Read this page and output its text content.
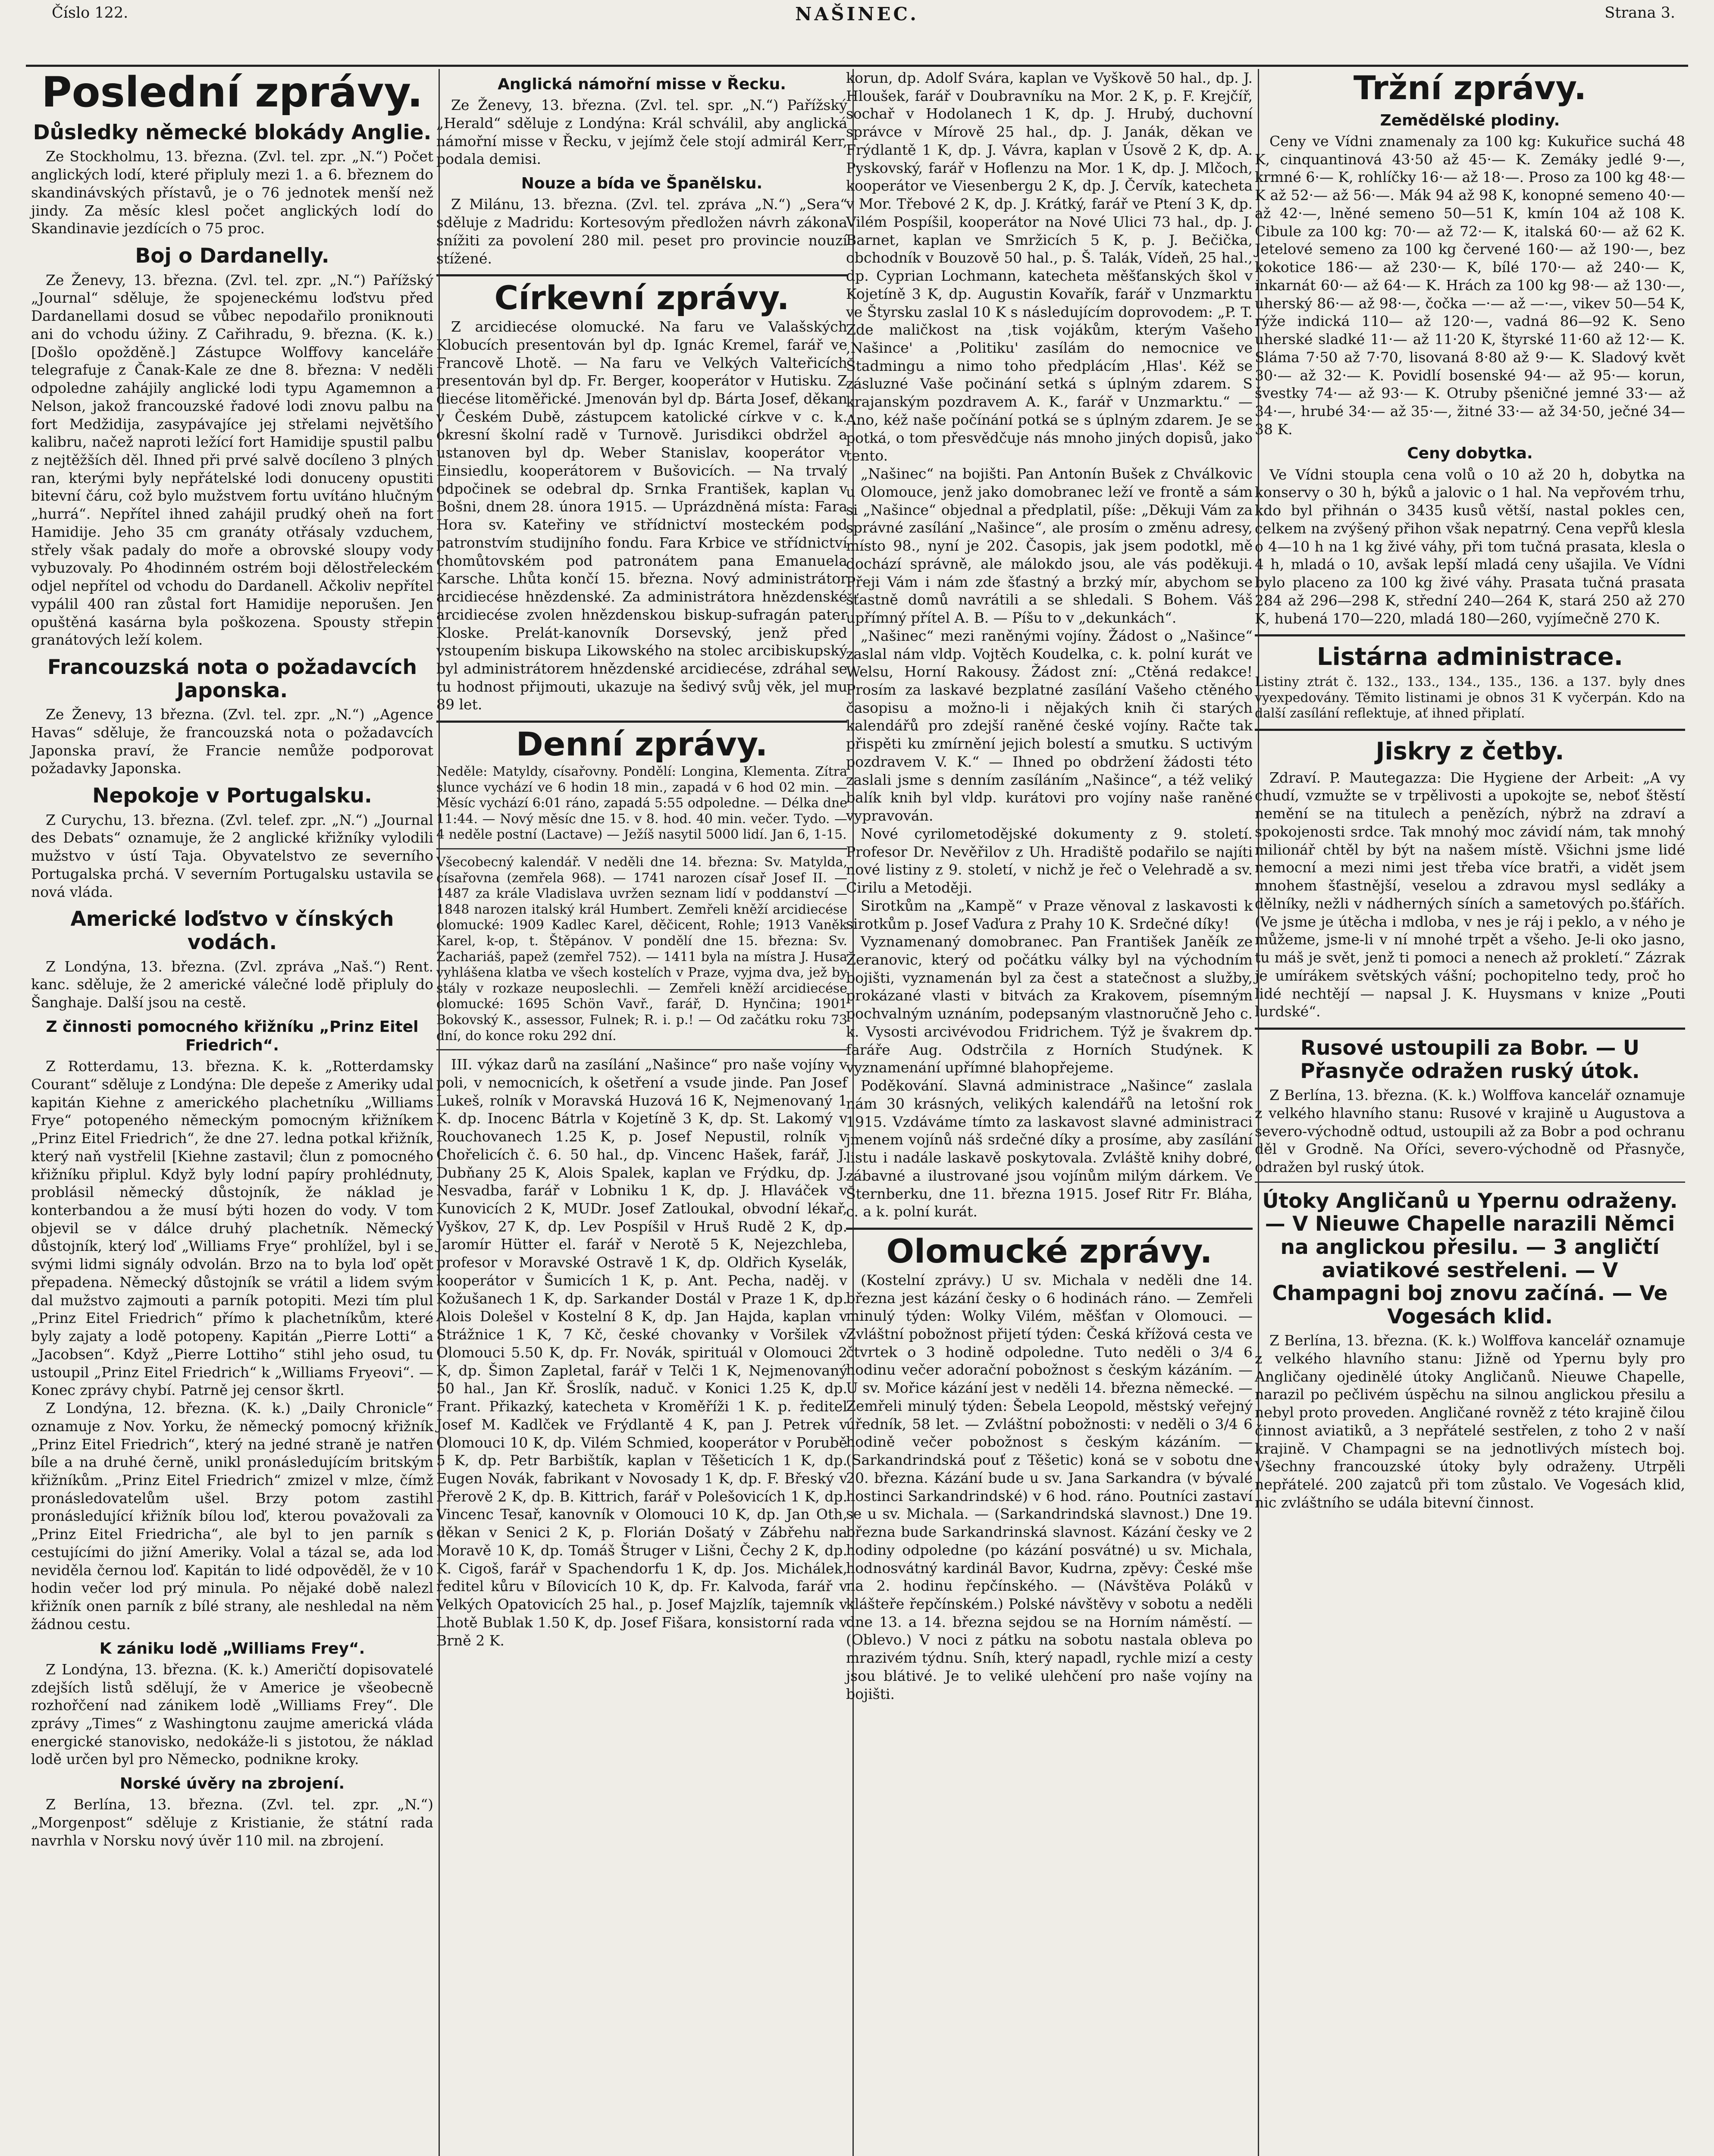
Číslo 122.	NAŠINEC.	Strana 3.
Poslední zprávy.
Důsledky německé blokády Anglie.

Ze Stockholmu, 13. března. (Zvl. tel. zpr. „N.“) Počet anglických lodí, které připluly mezi 1. a 6. březnem do skandinávských přístavů, je o 76 jednotek menší než jindy. Za měsíc klesl počet anglických lodí do Skandinavie jezdících o 75 proc.

Boj o Dardanelly.

Ze Ženevy, 13. března. (Zvl. tel. zpr. „N.“) Pařížský „Journal“ sděluje, že spojeneckému loďstvu před Dardanellami dosud se vůbec nepodařilo proniknouti ani do vchodu úžiny. Z Cařihradu, 9. března. (K. k.) [Došlo opožděně.] Zástupce Wolffovy kanceláře telegrafuje z Čanak-Kale ze dne 8. března: V neděli odpoledne zahájily anglické lodi typu Agamemnon a Nelson, jakož francouzské řadové lodi znovu palbu na fort Medžidija, zasypávajíce jej střelami největšího kalibru, načež naproti ležící fort Hamidije spustil palbu z nejtěžších děl. Ihned při prvé salvě docíleno 3 plných ran, kterými byly nepřátelské lodi donuceny opustiti bitevní čáru, což bylo mužstvem fortu uvítáno hlučným „hurrá“. Nepřítel ihned zahájil prudký oheň na fort Hamidije. Jeho 35 cm granáty otřásaly vzduchem, střely však padaly do moře a obrovské sloupy vody vybuzovaly. Po 4hodinném ostrém boji dělostřeleckém odjel nepřítel od vchodu do Dardanell. Ačkoliv nepřítel vypálil 400 ran zůstal fort Hamidije neporušen. Jen opuštěná kasárna byla poškozena. Spousty střepin granátových leží kolem.

Francouzská nota o požadavcích Japonska.

Ze Ženevy, 13 března. (Zvl. tel. zpr. „N.“) „Agence Havas“ sděluje, že francouzská nota o požadavcích Japonska praví, že Francie nemůže podporovat požadavky Japonska.

Nepokoje v Portugalsku.

Z Curychu, 13. března. (Zvl. telef. zpr. „N.“) „Journal des Debats“ oznamuje, že 2 anglické křižníky vylodili mužstvo v ústí Taja. Obyvatelstvo ze severního Portugalska prchá. V severním Portugalsku ustavila se nová vláda.

Americké loďstvo v čínských vodách.

Z Londýna, 13. března. (Zvl. zpráva „Naš.“) Rent. kanc. sděluje, že 2 americké válečné lodě připluly do Šanghaje. Další jsou na cestě.

Z činnosti pomocného křižníku „Prinz Eitel Friedrich“.

Z Rotterdamu, 13. března. K. k. „Rotterdamsky Courant“ sděluje z Londýna: Dle depeše z Ameriky udal kapitán Kiehne z amerického plachetníku „Williams Frye“ potopeného německým pomocným křižníkem „Prinz Eitel Friedrich“, že dne 27. ledna potkal křižník, který naň vystřelil [Kiehne zastavil; člun z pomocného křižníku připlul. Když byly lodní papíry prohlédnuty, problásil německý důstojník, že náklad je konterbandou a že musí býti hozen do vody. V tom objevil se v dálce druhý plachetník. Německý důstojník, který loď „Williams Frye“ prohlížel, byl i se svými lidmi signály odvolán. Brzo na to byla loď opět přepadena. Německý důstojník se vrátil a lidem svým dal mužstvo zajmouti a parník potopiti. Mezi tím plul „Prinz Eitel Friedrich“ přímo k plachetníkům, které byly zajaty a lodě potopeny. Kapitán „Pierre Lotti“ a „Jacobsen“. Když „Pierre Lottiho“ stihl jeho osud, tu ustoupil „Prinz Eitel Friedrich“ k „Williams Fryeovi“. — Konec zprávy chybí. Patrně jej censor škrtl.

Z Londýna, 12. března. (K. k.) „Daily Chronicle“ oznamuje z Nov. Yorku, že německý pomocný křižník „Prinz Eitel Friedrich“, který na jedné straně je natřen bíle a na druhé černě, unikl pronásledujícím britským křižníkům. „Prinz Eitel Friedrich“ zmizel v mlze, čímž pronásledovatelům ušel. Brzy potom zastihl pronásledující křižník bílou loď, kterou považovali za „Prinz Eitel Friedricha“, ale byl to jen parník s cestujícími do jižní Ameriky. Volal a tázal se, ada lod neviděla černou loď. Kapitán to lidé odpověděl, že v 10 hodin večer lod prý minula. Po nějaké době nalezl křižník onen parník z bílé strany, ale neshledal na něm žádnou cestu.

K zániku lodě „Williams Frey“.

Z Londýna, 13. března. (K. k.) Američtí dopisovatelé zdejších listů sdělují, že v Americe je všeobecně rozhořčení nad zánikem lodě „Williams Frey“. Dle zprávy „Times“ z Washingtonu zaujme americká vláda energické stanovisko, nedokáže-li s jistotou, že náklad lodě určen byl pro Německo, podnikne kroky.

Norské úvěry na zbrojení.

Z Berlína, 13. března. (Zvl. tel. zpr. „N.“) „Morgenpost“ sděluje z Kristianie, že státní rada navrhla v Norsku nový úvěr 110 mil. na zbrojení.

Anglická námořní misse v Řecku.

Ze Ženevy, 13. března. (Zvl. tel. spr. „N.“) Pařížský „Herald“ sděluje z Londýna: Král schválil, aby anglická námořní misse v Řecku, v jejímž čele stojí admirál Kerr, podala demisi.

Nouze a bída ve Španělsku.

Z Milánu, 13. března. (Zvl. tel. zpráva „N.“) „Sera“ sděluje z Madridu: Kortesovým předložen návrh zákona snížiti za povolení 280 mil. peset pro provincie nouzí stížené.

Církevní zprávy.

Z arcidiecése olomucké. Na faru ve Valašských Klobucích presentován byl dp. Ignác Kremel, farář ve Francově Lhotě. — Na faru ve Velkých Valteřicích presentován byl dp. Fr. Berger, kooperátor v Hutisku. Z diecése litoměřické. Jmenován byl dp. Bárta Josef, děkan v Českém Dubě, zástupcem katolické církve v c. k. okresní školní radě v Turnově. Jurisdikci obdržel a ustanoven byl dp. Weber Stanislav, kooperátor v Einsiedlu, kooperátorem v Bušovicích. — Na trvalý odpočinek se odebral dp. Srnka František, kaplan v Bošni, dnem 28. února 1915. — Uprázdněná místa: Fara Hora sv. Kateřiny ve střídnictví mosteckém pod patronstvím studijního fondu. Fara Krbice ve střídnictví chomůtovském pod patronátem pana Emanuela Karsche. Lhůta končí 15. března. Nový administrátor arcidiecése hnězdenské. Za administrátora hnězdenské arcidiecése zvolen hnězdenskou biskup-sufragán pater Kloske. Prelát-kanovník Dorsevský, jenž před vstoupením biskupa Likowského na stolec arcibiskupský byl administrátorem hnězdenské arcidiecése, zdráhal se tu hodnost přijmouti, ukazuje na šedivý svůj věk, jel mu 89 let.

Denní zprávy.

Neděle: Matyldy, císařovny. Pondělí: Longina, Klementa. Zítra slunce vychází ve 6 hodin 18 min., zapadá v 6 hod 02 min. — Měsíc vychází 6:01 ráno, zapadá 5:55 odpoledne. — Délka dne 11:44. — Nový měsíc dne 15. v 8. hod. 40 min. večer. Tydo. — 4 neděle postní (Lactave) — Ježíš nasytil 5000 lidí. Jan 6, 1-15.

Všecobecný kalendář. V neděli dne 14. března: Sv. Matylda, císařovna (zemřela 968). — 1741 narozen císař Josef II. — 1487 za krále Vladislava uvržen seznam lidí v poddanství — 1848 narozen italský král Humbert. Zemřeli kněží arcidiecése olomucké: 1909 Kadlec Karel, děčicent, Rohle; 1913 Vaněk Karel, k-op, t. Štěpánov. V pondělí dne 15. března: Sv. Zachariáš, papež (zemřel 752). — 1411 byla na místra J. Husa vyhlášena klatba ve všech kostelích v Praze, vyjma dva, jež by stály v rozkaze neuposlechli. — Zemřeli kněží arcidiecése olomucké: 1695 Schön Vavř., farář, D. Hynčina; 1901 Bokovský K., assessor, Fulnek; R. i. p.! — Od začátku roku 73 dní, do konce roku 292 dní.

III. výkaz darů na zasílání „Našince“ pro naše vojíny v poli, v nemocnicích, k ošetření a vsude jinde. Pan Josef Lukeš, rolník v Moravská Huzová 16 K, Nejmenovaný 1 K. dp. Inocenc Bátrla v Kojetíně 3 K, dp. St. Lakomý v Rouchovanech 1.25 K, p. Josef Nepustil, rolník v Chořelicích č. 6. 50 hal., dp. Vincenc Hašek, farář, J. Dubňany 25 K, Alois Spalek, kaplan ve Frýdku, dp. J. Nesvadba, farář v Lobniku 1 K, dp. J. Hlaváček v Kunovicích 2 K, MUDr. Josef Zatloukal, obvodní lékař, Vyškov, 27 K, dp. Lev Pospíšil v Hruš Rudě 2 K, dp. Jaromír Hütter el. farář v Nerotě 5 K, Nejezchleba, profesor v Moravské Ostravě 1 K, dp. Oldřich Kyselák, kooperátor v Šumicích 1 K, p. Ant. Pecha, naděj. v Kožušanech 1 K, dp. Sarkander Dostál v Praze 1 K, dp. Alois Dolešel v Kostelní 8 K, dp. Jan Hajda, kaplan v Strážnice 1 K, 7 Kč, české chovanky v Voršilek v Olomouci 5.50 K, dp. Fr. Novák, spirituál v Olomouci 2 K, dp. Šimon Zapletal, farář v Telči 1 K, Nejmenovaný 50 hal., Jan Kř. Šroslík, naduč. v Konici 1.25 K, dp. Frant. Přikazký, katecheta v Kroměříži 1 K. p. ředitel Josef M. Kadlček ve Frýdlantě 4 K, pan J. Petrek v Olomouci 10 K, dp. Vilém Schmied, kooperátor v Porubě 5 K, dp. Petr Barbištík, kaplan v Těšeticích 1 K, dp. Eugen Novák, fabrikant v Novosady 1 K, dp. F. Břeský v Přerově 2 K, dp. B. Kittrich, farář v Polešovicích 1 K, dp. Vincenc Tesař, kanovník v Olomouci 10 K, dp. Jan Oth, děkan v Senici 2 K, p. Florián Došatý v Zábřehu na Moravě 10 K, dp. Tomáš Štruger v Lišni, Čechy 2 K, dp. K. Cigoš, farář v Spachendorfu 1 K, dp. Jos. Michálek, ředitel kůru v Bílovicích 10 K, dp. Fr. Kalvoda, farář v Velkých Opatovicích 25 hal., p. Josef Majzlík, tajemník v Lhotě Bublak 1.50 K, dp. Josef Fišara, konsistorní rada v Brně 2 K.

korun, dp. Adolf Svára, kaplan ve Vyškově 50 hal., dp. J. Hloušek, farář v Doubravníku na Mor. 2 K, p. F. Krejčíř, sochař v Hodolanech 1 K, dp. J. Hrubý, duchovní správce v Mírově 25 hal., dp. J. Janák, děkan ve Frýdlantě 1 K, dp. J. Vávra, kaplan v Úsově 2 K, dp. A. Pyskovský, farář v Hoflenzu na Mor. 1 K, dp. J. Mlčoch, kooperátor ve Viesenbergu 2 K, dp. J. Červík, katecheta v Mor. Třebové 2 K, dp. J. Krátký, farář ve Ptení 3 K, dp. Vilém Pospíšil, kooperátor na Nové Ulici 73 hal., dp. J. Barnet, kaplan ve Smržicích 5 K, p. J. Bečička, obchodník v Bouzově 50 hal., p. Š. Talák, Vídeň, 25 hal., dp. Cyprian Lochmann, katecheta měšťanských škol v Kojetíně 3 K, dp. Augustin Kovařík, farář v Unzmarktu ve Štyrsku zaslal 10 K s následujícím doprovodem: „P. T. Zde maličkost na ,tisk vojákům, kterým Vašeho ,Našince' a ,Politiku' zasílám do nemocnice ve Štadmingu a nimo toho předplácím ,Hlas'. Kéž se zásluzné Vaše počinání setká s úplným zdarem. S krajanským pozdravem A. K., farář v Unzmarktu.“ — Ano, kéž naše počínání potká se s úplným zdarem. Je se potká, o tom přesvědčuje nás mnoho jiných dopisů, jako tento.

„Našinec“ na bojišti. Pan Antonín Bušek z Chválkovic u Olomouce, jenž jako domobranec leží ve frontě a sám si „Našince“ objednal a předplatil, píše: „Děkuji Vám za správné zasílání „Našince“, ale prosím o změnu adresy, místo 98., nyní je 202. Časopis, jak jsem podotkl, mě dochází správně, ale málokdo jsou, ale vás poděkuji. Přeji Vám i nám zde šťastný a brzký mír, abychom se šťastně domů navrátili a se shledali. S Bohem. Váš upřímný přítel A. B. — Píšu to v „dekunkách“.

„Našinec“ mezi raněnými vojíny. Žádost o „Našince“ zaslal nám vldp. Vojtěch Koudelka, c. k. polní kurát ve Welsu, Horní Rakousy. Žádost zní: „Ctěná redakce! Prosím za laskavé bezplatné zasílání Vašeho ctěného časopisu a možno-li i nějakých knih či starých kalendářů pro zdejší raněné české vojíny. Račte tak přispěti ku zmírnění jejich bolestí a smutku. S uctivým pozdravem V. K.“ — Ihned po obdržení žádosti této zaslali jsme s denním zasíláním „Našince“, a též veliký balík knih byl vldp. kurátovi pro vojíny naše raněné vypravován.

Nové cyrilometodějské dokumenty z 9. století. Profesor Dr. Nevěřilov z Uh. Hradiště podařilo se najíti nové listiny z 9. století, v nichž je řeč o Velehradě a sv. Cirilu a Metoději.

Sirotkům na „Kampě“ v Praze věnoval z laskavosti k sirotkům p. Josef Vaďura z Prahy 10 K. Srdečné díky!

Vyznamenaný domobranec. Pan František Janěík ze Žeranovic, který od počátku války byl na východním bojišti, vyznamenán byl za čest a statečnost a služby, prokázané vlasti v bitvách za Krakovem, písemným pochvalným uznáním, podepsaným vlastnoručně Jeho c. k. Vysosti arcivévodou Fridrichem. Týž je švakrem dp. faráře Aug. Odstrčila z Horních Studýnek. K vyznamenání upřímné blahopřejeme.

Poděkování. Slavná administrace „Našince“ zaslala nám 30 krásných, velikých kalendářů na letošní rok 1915. Vzdáváme tímto za laskavost slavné administraci jmenem vojínů náš srdečné díky a prosíme, aby zasílání listu i nadále laskavě poskytovala. Zvláště knihy dobré, zábavné a ilustrované jsou vojínům milým dárkem. Ve Šternberku, dne 11. března 1915. Josef Ritr Fr. Bláha, c. a k. polní kurát.

Olomucké zprávy.

(Kostelní zprávy.) U sv. Michala v neděli dne 14. března jest kázání česky o 6 hodinách ráno. — Zemřeli minulý týden: Wolky Vilém, měšťan v Olomouci. — Zvláštní pobožnost přijetí týden: Česká křížová cesta ve čtvrtek o 3 hodině odpoledne. Tuto neděli o 3/4 6 hodinu večer adorační pobožnost s českým kázáním. — U sv. Mořice kázání jest v neděli 14. března německé. — Zemřeli minulý týden: Šebela Leopold, městský veřejný úředník, 58 let. — Zvláštní pobožnosti: v neděli o 3/4 6 hodině večer pobožnost s českým kázáním. — (Sarkandrindská pouť z Těšetic) koná se v sobotu dne 20. března. Kázání bude u sv. Jana Sarkandra (v bývalé hostinci Sarkandrindské) v 6 hod. ráno. Poutníci zastaví se u sv. Michala. — (Sarkandrindská slavnost.) Dne 19. března bude Sarkandrinská slavnost. Kázání česky ve 2 hodiny odpoledne (po kázání posvátné) u sv. Michala, hodnosvátný kardinál Bavor, Kudrna, zpěvy: České mše na 2. hodinu řepčínského. — (Návštěva Poláků v klášteře řepčínském.) Polské návštěvy v sobotu a neděli dne 13. a 14. března sejdou se na Horním náměstí. — (Oblevo.) V noci z pátku na sobotu nastala obleva po mrazivém týdnu. Sníh, který napadl, rychle mizí a cesty jsou blátivé. Je to veliké ulehčení pro naše vojíny na bojišti.

Tržní zprávy.
Zemědělské plodiny.

Ceny ve Vídni znamenaly za 100 kg: Kukuřice suchá 48 K, cinquantinová 43·50 až 45·— K. Zemáky jedlé 9·—, krmné 6·— K, rohlíčky 16·— až 18·—. Proso za 100 kg 48·— K až 52·— až 56·—. Mák 94 až 98 K, konopné semeno 40·— až 42·—, lněné semeno 50—51 K, kmín 104 až 108 K. Cibule za 100 kg: 70·— až 72·— K, italská 60·— až 62 K. Jetelové semeno za 100 kg červené 160·— až 190·—, bez kokotice 186·— až 230·— K, bílé 170·— až 240·— K, inkarnát 60·— až 64·— K. Hrách za 100 kg 98·— až 130·—, uherský 86·— až 98·—, čočka —·— až —·—, vikev 50—54 K, rýže indická 110— až 120·—, vadná 86—92 K. Seno uherské sladké 11·— až 11·20 K, štyrské 11·60 až 12·— K. Sláma 7·50 až 7·70, lisovaná 8·80 až 9·— K. Sladový květ 30·— až 32·— K. Povidlí bosenské 94·— až 95·— korun, švestky 74·— až 93·— K. Otruby pšeničné jemné 33·— až 34·—, hrubé 34·— až 35·—, žitné 33·— až 34·50, ječné 34—38 K.

Ceny dobytka.

Ve Vídni stoupla cena volů o 10 až 20 h, dobytka na konservy o 30 h, býků a jalovic o 1 hal. Na vepřovém trhu, kdo byl přihnán o 3435 kusů větší, nastal pokles cen, celkem na zvýšený přihon však nepatrný. Cena vepřů klesla o 4—10 h na 1 kg živé váhy, při tom tučná prasata, klesla o 4 h, mladá o 10, avšak lepší mladá ceny ušajila. Ve Vídni bylo placeno za 100 kg živé váhy. Prasata tučná prasata 284 až 296—298 K, střední 240—264 K, stará 250 až 270 K, hubená 170—220, mladá 180—260, vyjímečně 270 K.

Listárna administrace.

Listiny ztrát č. 132., 133., 134., 135., 136. a 137. byly dnes vyexpedovány. Těmito listinami je obnos 31 K vyčerpán. Kdo na další zasílání reflektuje, ať ihned připlatí.

Jiskry z četby.

Zdraví. P. Mautegazza: Die Hygiene der Arbeit: „A vy chudí, vzmužte se v trpělivosti a upokojte se, neboť štěstí nemění se na titulech a penězích, nýbrž na zdraví a spokojenosti srdce. Tak mnohý moc závidí nám, tak mnohý milionář chtěl by být na našem místě. Všichni jsme lidé nemocní a mezi nimi jest třeba více bratři, a vidět jsem mnohem šťastnější, veselou a zdravou mysl sedláky a dělníky, nežli v nádherných síních a sametových po.šťářích. (Ve jsme je útěcha i mdloba, v nes je ráj i peklo, a v ného je můžeme, jsme-li v ní mnohé trpět a všeho. Je-li oko jasno, tu máš je svět, jenž ti pomoci a nenech až prokletí.“ Zázrak je umírákem světských vášní; pochopitelno tedy, proč ho lidé nechtějí — napsal J. K. Huysmans v knize „Pouti lurdské“.

Rusové ustoupili za Bobr. — U Přasnyče odražen ruský útok.

Z Berlína, 13. března. (K. k.) Wolffova kancelář oznamuje z velkého hlavního stanu: Rusové v krajině u Augustova a severo-východně odtud, ustoupili až za Bobr a pod ochranu děl v Grodně. Na Oříci, severo-východně od Přasnyče, odražen byl ruský útok.

Útoky Angličanů u Ypernu odraženy. — V Nieuwe Chapelle narazili Němci na anglickou přesilu. — 3 angličtí aviatikové sestřeleni. — V Champagni boj znovu začíná. — Ve Vogesách klid.

Z Berlína, 13. března. (K. k.) Wolffova kancelář oznamuje z velkého hlavního stanu: Jižně od Ypernu byly pro Angličany ojedinělé útoky Angličanů. Nieuwe Chapelle, narazil po pečlivém úspěchu na silnou anglickou přesilu a nebyl proto proveden. Angličané rovněž z této krajině čilou činnost aviatiků, a 3 nepřátelé sestřelen, z toho 2 v naší krajině. V Champagni se na jednotlivých místech boj. Všechny francouzské útoky byly odraženy. Utrpěli nepřátelé. 200 zajatců při tom zůstalo. Ve Vogesách klid, nic zvláštního se udála bitevní činnost.
